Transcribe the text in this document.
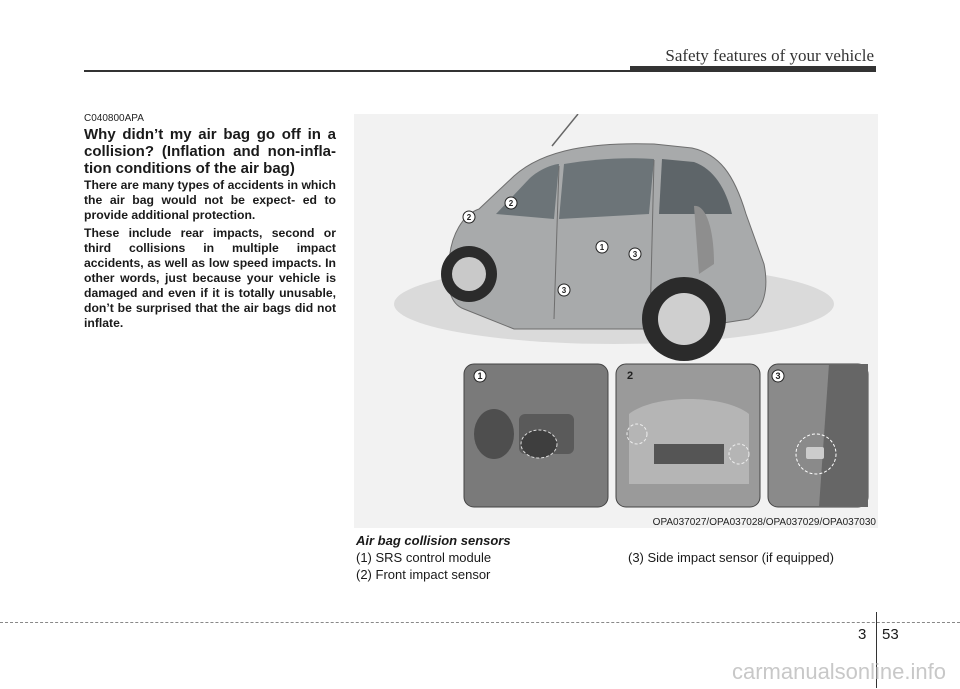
Safety features of your vehicle
C040800APA
Why didn’t my air bag go off in a collision? (Inflation and non-infla- tion conditions of the air bag)
There are many types of accidents in which the air bag would not be expect- ed to provide additional protection.
These include rear impacts, second or third collisions in multiple impact accidents, as well as low speed impacts. In other words, just because your vehicle is damaged and even if it is totally unusable, don’t be surprised that the air bags did not inflate.
2
2
1
3
3
1	2	3
OPA037027/OPA037028/OPA037029/OPA037030
Air bag collision sensors
(1) SRS control module
(2) Front impact sensor
(3) Side impact sensor (if equipped)
3 53
carmanualsonline.info
